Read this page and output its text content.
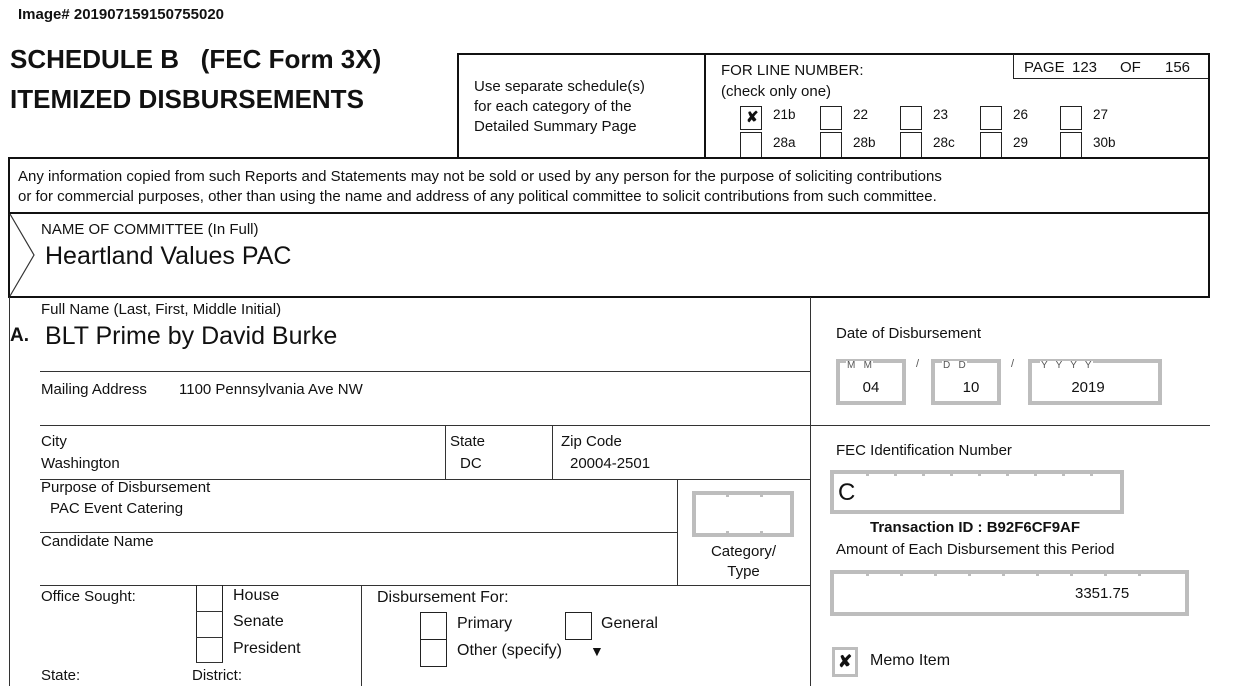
Image# 201907159150755020
SCHEDULE B   (FEC Form 3X)
ITEMIZED DISBURSEMENTS	Use separate schedule(s)
for each category of the
Detailed Summary Page
FOR LINE NUMBER:
(check only one)
PAGE 123 OF 156
✘ 21b	22	23	26	27
28a	28b	28c	29	30b
Any information copied from such Reports and Statements may not be sold or used by any person for the purpose of soliciting contributions
or for commercial purposes, other than using the name and address of any political committee to solicit contributions from such committee.
NAME OF COMMITTEE (In Full)
Heartland Values PAC
Full Name (Last, First, Middle Initial)
A. BLT Prime by David Burke
Mailing Address 1100 Pennsylvania Ave NW
City
Washington
State
DC
Zip Code
20004-2501
Purpose of Disbursement
PAC Event Catering
Candidate Name
Category/
Type
Office Sought:	House
Senate
President
State:	District:
Disbursement For:
Primary	General
Other (specify) ▼
Date of Disbursement
M   M
04
/ D   D
10
/	Y   Y   Y   Y
2019
FEC Identification Number
C
Transaction ID : B92F6CF9AF
Amount of Each Disbursement this Period
3351.75
✘ Memo Item
